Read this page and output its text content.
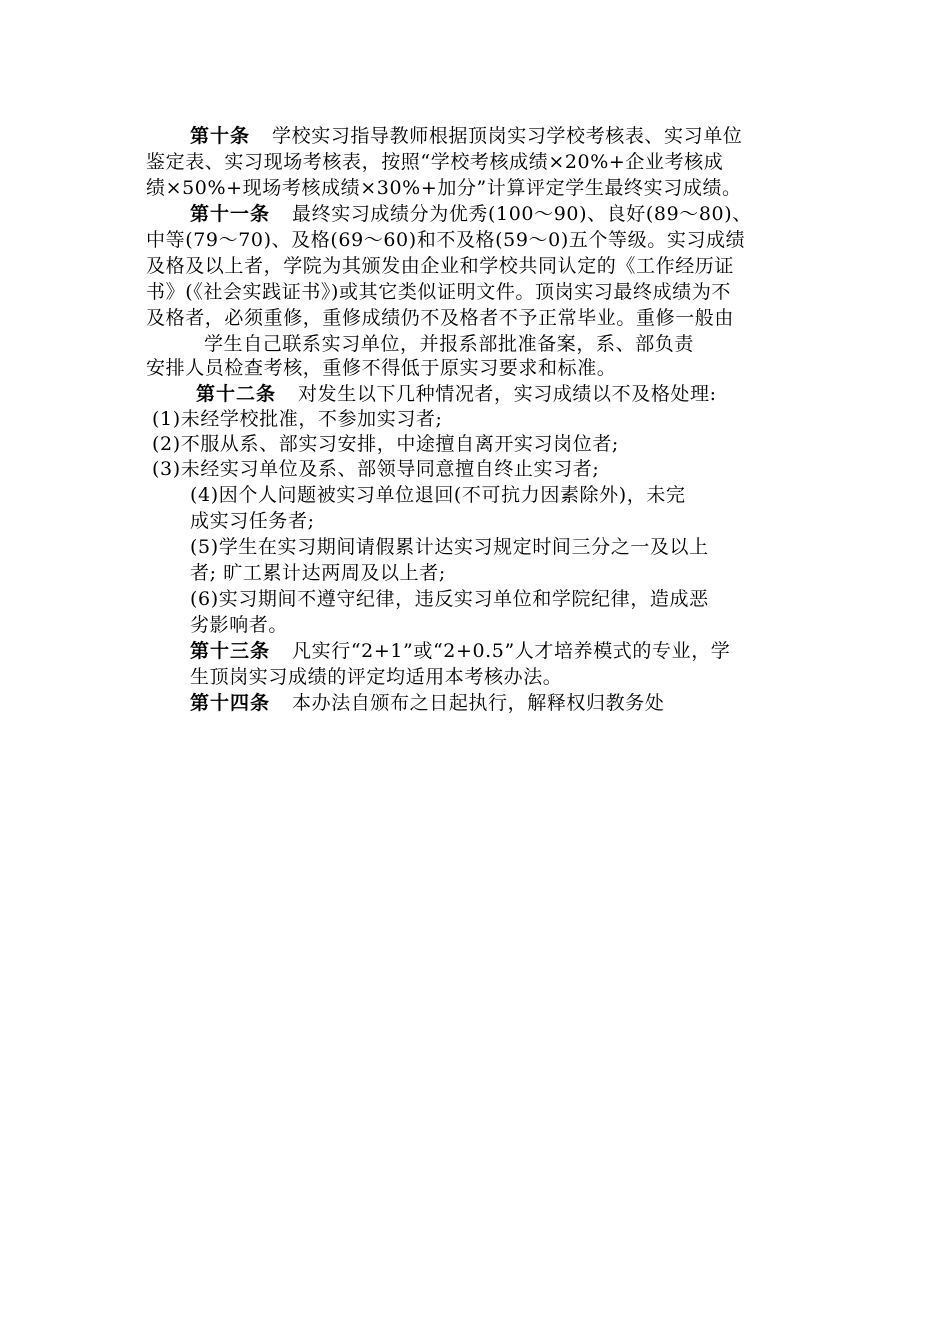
第十条 学校实习指导教师根据顶岗实习学校考核表、实习单位
鉴定表、实习现场考核表，按照“学校考核成绩×20%+企业考核成
绩×50%+现场考核成绩×30%+加分”计算评定学生最终实习成绩。
第十一条 最终实习成绩分为优秀(100～90)、良好(89～80)、
中等(79～70)、及格(69～60)和不及格(59～0)五个等级。实习成绩
及格及以上者，学院为其颁发由企业和学校共同认定的《工作经历证
书》(《社会实践证书》)或其它类似证明文件。顶岗实习最终成绩为不
及格者，必须重修，重修成绩仍不及格者不予正常毕业。重修一般由
学生自己联系实习单位，并报系部批准备案，系、部负责
安排人员检查考核，重修不得低于原实习要求和标准。
第十二条 对发生以下几种情况者，实习成绩以不及格处理:
(1)未经学校批准，不参加实习者;
(2)不服从系、部实习安排，中途擅自离开实习岗位者;
(3)未经实习单位及系、部领导同意擅自终止实习者;
(4)因个人问题被实习单位退回(不可抗力因素除外)，未完
成实习任务者;
(5)学生在实习期间请假累计达实习规定时间三分之一及以上
者; 旷工累计达两周及以上者;
(6)实习期间不遵守纪律，违反实习单位和学院纪律，造成恶
劣影响者。
第十三条 凡实行“2+1”或“2+0.5”人才培养模式的专业，学
生顶岗实习成绩的评定均适用本考核办法。
第十四条 本办法自颁布之日起执行，解释权归教务处
